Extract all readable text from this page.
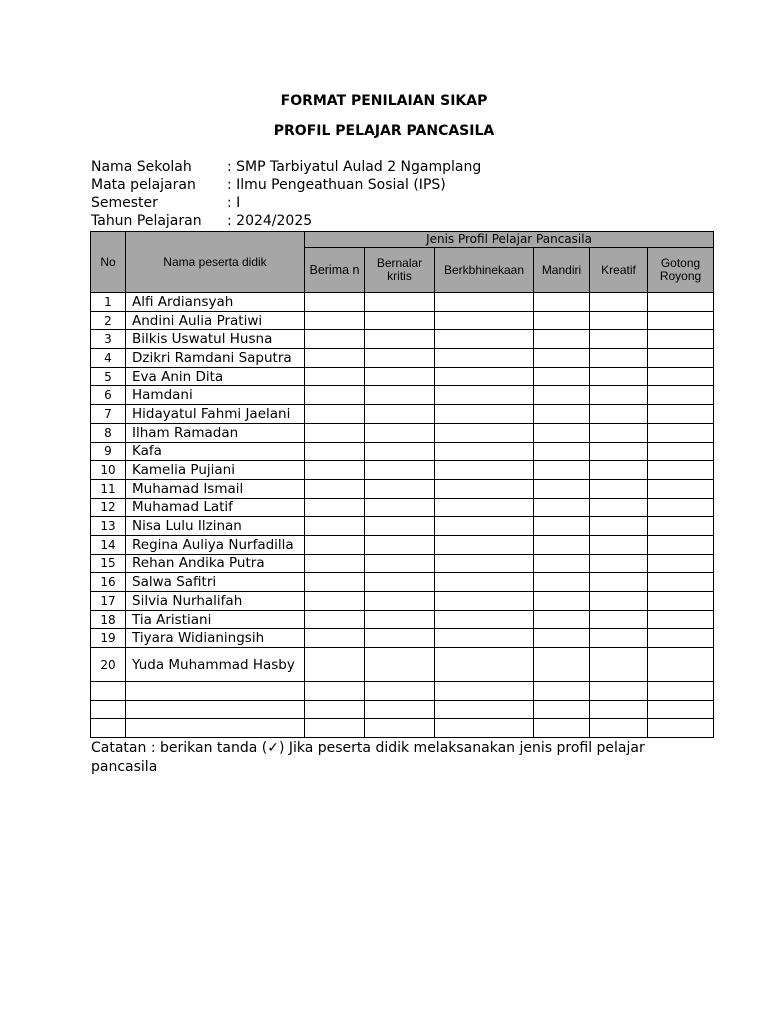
FORMAT PENILAIAN SIKAP
PROFIL PELAJAR PANCASILA
Nama Sekolah	: SMP Tarbiyatul Aulad 2 Ngamplang
Mata pelajaran : Ilmu Pengeathuan Sosial (IPS)
Semester	: I
Tahun Pelajaran : 2024/2025
No	Nama peserta didik	Jenis Profil Pelajar Pancasila					
		Berima n	Bernalar kritis	Berkbhinekaan	Mandiri	Kreatif	Gotong Royong
1	Alfi Ardiansyah						
2	Andini Aulia Pratiwi						
3	Bilkis Uswatul Husna						
4	Dzikri Ramdani Saputra						
5	Eva Anin Dita						
6	Hamdani						
7	Hidayatul Fahmi Jaelani						
8	Ilham Ramadan						
9	Kafa						
10	Kamelia Pujiani						
11	Muhamad Ismail						
12	Muhamad Latif						
13	Nisa Lulu Ilzinan						
14	Regina Auliya Nurfadilla						
15	Rehan Andika Putra						
16	Salwa Safitri						
17	Silvia Nurhalifah						
18	Tia Aristiani						
19	Tiyara Widianingsih						
20	Yuda Muhammad Hasby						

Catatan : berikan tanda (✓) Jika peserta didik melaksanakan jenis profil pelajar pancasila
